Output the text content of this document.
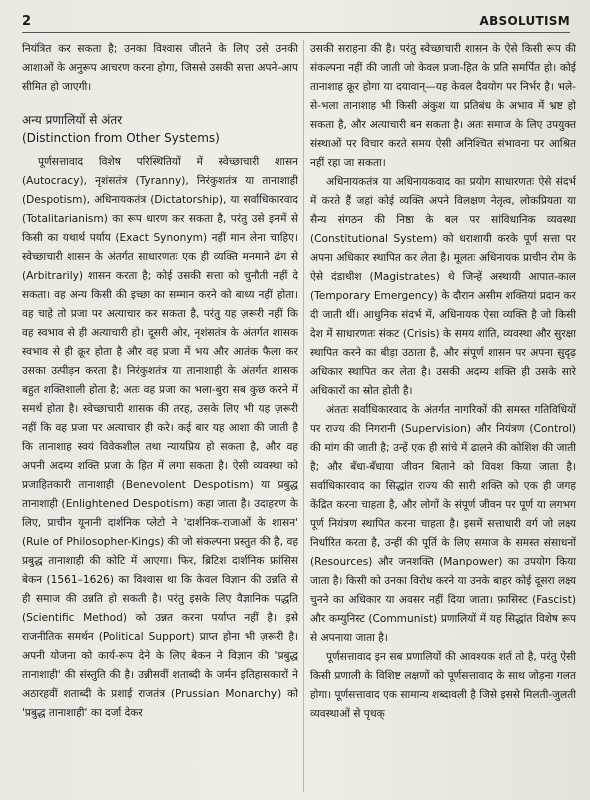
2	ABSOLUTISM

नियंत्रित कर सकता है; उनका विश्वास जीतने के लिए उसे उनकी आशाओं के अनुरूप आचरण करना होगा, जिससे उसकी सत्ता अपने-आप सीमित हो जाएगी।

अन्य प्रणालियों से अंतर
(Distinction from Other Systems)

पूर्णसत्तावाद विशेष परिस्थितियों में स्वेच्छाचारी शासन (Autocracy), नृशंसतंत्र (Tyranny), निरंकुशतंत्र या तानाशाही (Despotism), अधिनायकतंत्र (Dictatorship), या सर्वाधिकारवाद (Totalitarianism) का रूप धारण कर सकता है, परंतु उसे इनमें से किसी का यथार्थ पर्याय (Exact Synonym) नहीं मान लेना चाहिए। स्वेच्छाचारी शासन के अंतर्गत साधारणतः एक ही व्यक्ति मनमाने ढंग से (Arbitrarily) शासन करता है; कोई उसकी सत्ता को चुनौती नहीं दे सकता। वह अन्य किसी की इच्छा का सम्मान करने को बाध्य नहीं होता। वह चाहे तो प्रजा पर अत्याचार कर सकता है, परंतु यह ज़रूरी नहीं कि वह स्वभाव से ही अत्याचारी हो। दूसरी ओर, नृशंसतंत्र के अंतर्गत शासक स्वभाव से ही क्रूर होता है और वह प्रजा में भय और आतंक फैला कर उसका उत्पीड़न करता है। निरंकुशतंत्र या तानाशाही के अंतर्गत शासक बहुत शक्तिशाली होता है; अतः वह प्रजा का भला-बुरा सब कुछ करने में समर्थ होता है। स्वेच्छाचारी शासक की तरह, उसके लिए भी यह ज़रूरी नहीं कि वह प्रजा पर अत्याचार ही करे। कई बार यह आशा की जाती है कि तानाशाह स्वयं विवेकशील तथा न्यायप्रिय हो सकता है, और वह अपनी अदम्य शक्ति प्रजा के हित में लगा सकता है। ऐसी व्यवस्था को प्रजाहितकारी तानाशाही (Benevolent Despotism) या प्रबुद्ध तानाशाही (Enlightened Despotism) कहा जाता है। उदाहरण के लिए, प्राचीन यूनानी दार्शनिक प्लेटो ने 'दार्शनिक-राजाओं के शासन' (Rule of Philosopher-Kings) की जो संकल्पना प्रस्तुत की है, वह प्रबुद्ध तानाशाही की कोटि में आएगा। फिर, ब्रिटिश दार्शनिक फ्रांसिस बेकन (1561–1626) का विश्वास था कि केवल विज्ञान की उन्नति से ही समाज की उन्नति हो सकती है। परंतु इसके लिए वैज्ञानिक पद्धति (Scientific Method) को उन्नत करना पर्याप्त नहीं है। इसे राजनीतिक समर्थन (Political Support) प्राप्त होना भी ज़रूरी है। अपनी योजना को कार्य-रूप देने के लिए बेकन ने विज्ञान की 'प्रबुद्ध तानाशाही' की संस्तुति की है। उन्नीसवीं शताब्दी के जर्मन इतिहासकारों ने अठारहवीं शताब्दी के प्रशाई राजतंत्र (Prussian Monarchy) को 'प्रबुद्ध तानाशाही' का दर्जा देकर

उसकी सराहना की है। परंतु स्वेच्छाचारी शासन के ऐसे किसी रूप की संकल्पना नहीं की जाती जो केवल प्रजा-हित के प्रति समर्पित हो। कोई तानाशाह क्रूर होगा या दयावान्—यह केवल दैवयोग पर निर्भर है। भले-से-भला तानाशाह भी किसी अंकुश या प्रतिबंध के अभाव में भ्रष्ट हो सकता है, और अत्याचारी बन सकता है। अतः समाज के लिए उपयुक्त संस्थाओं पर विचार करते समय ऐसी अनिश्चित संभावना पर आश्रित नहीं रहा जा सकता।

अधिनायकतंत्र या अधिनायकवाद का प्रयोग साधारणतः ऐसे संदर्भ में करते हैं जहां कोई व्यक्ति अपने विलक्षण नेतृत्व, लोकप्रियता या सैन्य संगठन की निष्ठा के बल पर सांविधानिक व्यवस्था (Constitutional System) को धराशायी करके पूर्ण सत्ता पर अपना अधिकार स्थापित कर लेता है। मूलतः अधिनायक प्राचीन रोम के ऐसे दंडाधीश (Magistrates) थे जिन्हें अस्थायी आपात-काल (Temporary Emergency) के दौरान असीम शक्तियां प्रदान कर दी जाती थीं। आधुनिक संदर्भ में, अधिनायक ऐसा व्यक्ति है जो किसी देश में साधारणतः संकट (Crisis) के समय शांति, व्यवस्था और सुरक्षा स्थापित करने का बीड़ा उठाता है, और संपूर्ण शासन पर अपना सुदृढ़ अधिकार स्थापित कर लेता है। उसकी अदम्य शक्ति ही उसके सारे अधिकारों का स्रोत होती है।

अंततः सर्वाधिकारवाद के अंतर्गत नागरिकों की समस्त गतिविधियों पर राज्य की निगरानी (Supervision) और नियंत्रण (Control) की मांग की जाती है; उन्हें एक ही सांचे में ढालने की कोशिश की जाती है; और बँधा-बँधाया जीवन बिताने को विवश किया जाता है। सर्वाधिकारवाद का सिद्धांत राज्य की सारी शक्ति को एक ही जगह केंद्रित करना चाहता है, और लोगों के संपूर्ण जीवन पर पूर्ण या लगभग पूर्ण नियंत्रण स्थापित करना चाहता है। इसमें सत्ताधारी वर्ग जो लक्ष्य निर्धारित करता है, उन्हीं की पूर्ति के लिए समाज के समस्त संसाधनों (Resources) और जनशक्ति (Manpower) का उपयोग किया जाता है। किसी को उनका विरोध करने या उनके बाहर कोई दूसरा लक्ष्य चुनने का अधिकार या अवसर नहीं दिया जाता। फ़ासिस्ट (Fascist) और कम्युनिस्ट (Communist) प्रणालियों में यह सिद्धांत विशेष रूप से अपनाया जाता है।

पूर्णसत्तावाद इन सब प्रणालियों की आवश्यक शर्त तो है, परंतु ऐसी किसी प्रणाली के विशिष्ट लक्षणों को पूर्णसत्तावाद के साथ जोड़ना गलत होगा। पूर्णसत्तावाद एक सामान्य शब्दावली है जिसे इससे मिलती-जुलती व्यवस्थाओं से पृथक्
